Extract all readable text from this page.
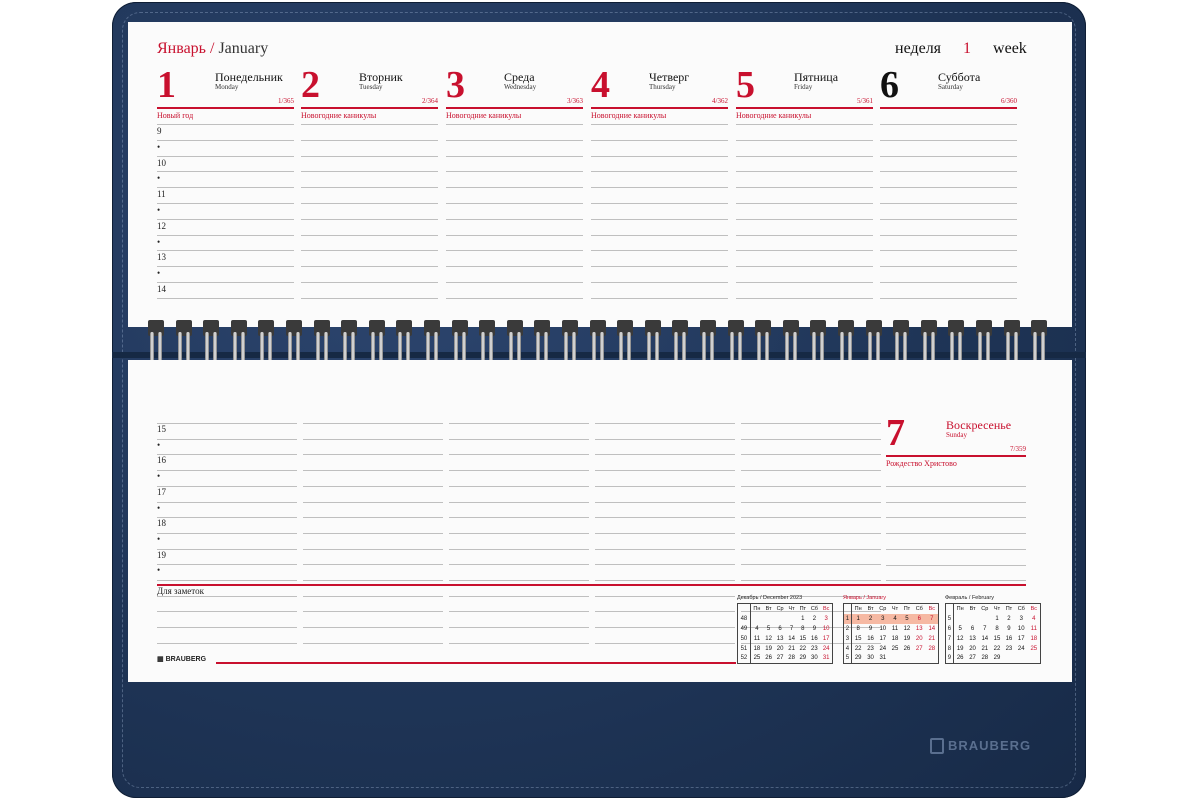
Январь / January	неделя 1 week
1	Понедельник
Monday
1/365
Новый год
2	Вторник
Tuesday
2/364
Новогодние каникулы
3	Среда
Wednesday
3/363
Новогодние каникулы
4	Четверг
Thursday
4/362
Новогодние каникулы
5	Пятница
Friday
5/361
Новогодние каникулы
6	Суббота
Saturday
6/360
9
•
10
•
11
•
12
•
13
•
14
15
•
16
•
17
•
18
•
19
•
7	Воскресенье
Sunday
7/359
Рождество Христово
Для заметок
▦ BRAUBERG
Декабрь / December 2023
	Пн	Вт	Ср	Чт	Пт	Сб	Вс
48					1	2	3
49	4	5	6	7	8	9	10
50	11	12	13	14	15	16	17
51	18	19	20	21	22	23	24
52	25	26	27	28	29	30	31
Январь / January
	Пн	Вт	Ср	Чт	Пт	Сб	Вс
1	1	2	3	4	5	6	7
2	8	9	10	11	12	13	14
3	15	16	17	18	19	20	21
4	22	23	24	25	26	27	28
5	29	30	31				
Февраль / February
	Пн	Вт	Ср	Чт	Пт	Сб	Вс
5				1	2	3	4
6	5	6	7	8	9	10	11
7	12	13	14	15	16	17	18
8	19	20	21	22	23	24	25
9	26	27	28	29			
BRAUBERG
